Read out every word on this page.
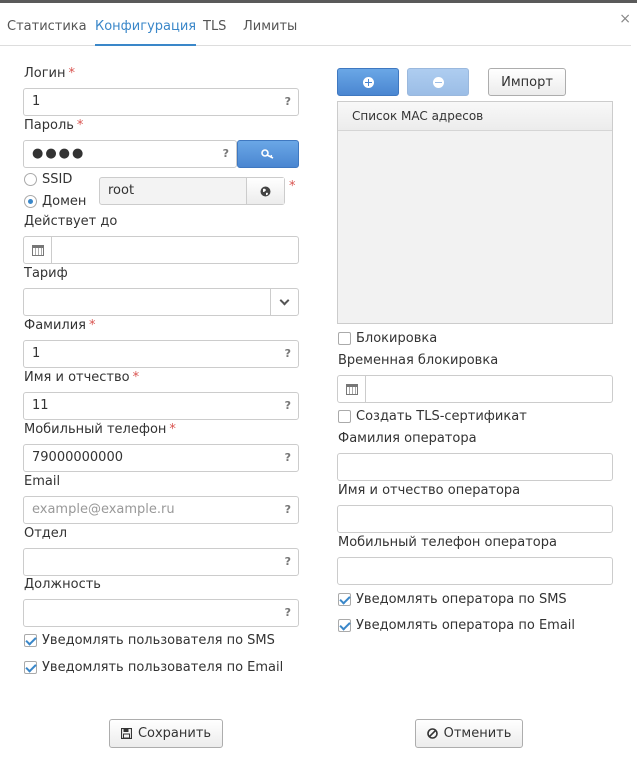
×
Статистика Конфигурация TLS Лимиты
Логин *
1	?
Пароль *
●●●●	?
SSID
Домен
root	*
Действует до
Тариф
Фамилия *
1	?
Имя и отчество *
11	?
Мобильный телефон *
79000000000	?
Email
example@example.ru	?
Отдел
?
Должность
?
Уведомлять пользователя по SMS
Уведомлять пользователя по Email
Импорт
Список MAC адресов
Блокировка
Временная блокировка
Создать TLS-сертификат
Фамилия оператора
Имя и отчество оператора
Мобильный телефон оператора
Уведомлять оператора по SMS
Уведомлять оператора по Email
Сохранить	Отменить
